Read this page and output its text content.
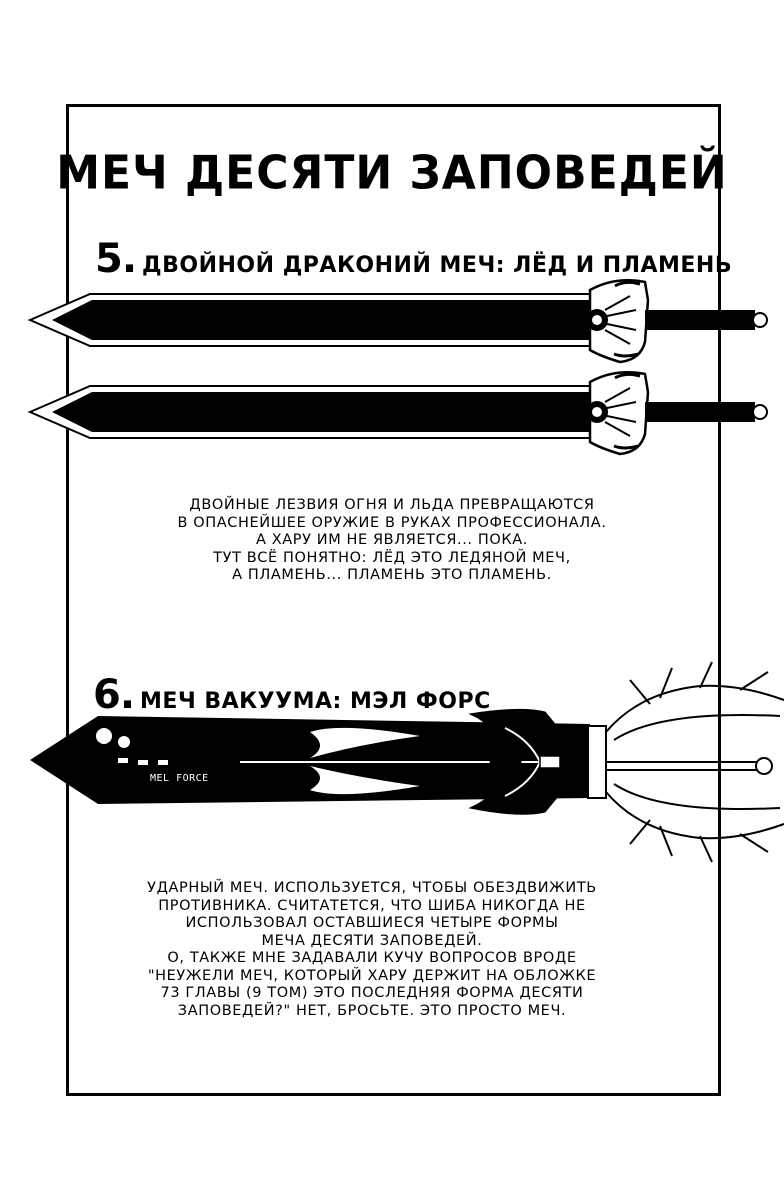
МЕЧ ДЕСЯТИ ЗАПОВЕДЕЙ
5. ДВОЙНОЙ ДРАКОНИЙ МЕЧ: ЛЁД И ПЛАМЕНЬ
MEL FORCE
ДВОЙНЫЕ ЛЕЗВИЯ ОГНЯ И ЛЬДА ПРЕВРАЩАЮТСЯ
В ОПАСНЕЙШЕЕ ОРУЖИЕ В РУКАХ ПРОФЕССИОНАЛА.
А ХАРУ ИМ НЕ ЯВЛЯЕТСЯ... ПОКА.
ТУТ ВСЁ ПОНЯТНО: ЛЁД ЭТО ЛЕДЯНОЙ МЕЧ,
А ПЛАМЕНЬ... ПЛАМЕНЬ ЭТО ПЛАМЕНЬ.
6. МЕЧ ВАКУУМА: МЭЛ ФОРС
УДАРНЫЙ МЕЧ. ИСПОЛЬЗУЕТСЯ, ЧТОБЫ ОБЕЗДВИЖИТЬ
ПРОТИВНИКА. СЧИТАТЕТСЯ, ЧТО ШИБА НИКОГДА НЕ
ИСПОЛЬЗОВАЛ ОСТАВШИЕСЯ ЧЕТЫРЕ ФОРМЫ
МЕЧА ДЕСЯТИ ЗАПОВЕДЕЙ.
О, ТАКЖЕ МНЕ ЗАДАВАЛИ КУЧУ ВОПРОСОВ ВРОДЕ
"НЕУЖЕЛИ МЕЧ, КОТОРЫЙ ХАРУ ДЕРЖИТ НА ОБЛОЖКЕ
73 ГЛАВЫ (9 ТОМ) ЭТО ПОСЛЕДНЯЯ ФОРМА ДЕСЯТИ
ЗАПОВЕДЕЙ?" НЕТ, БРОСЬТЕ. ЭТО ПРОСТО МЕЧ.
